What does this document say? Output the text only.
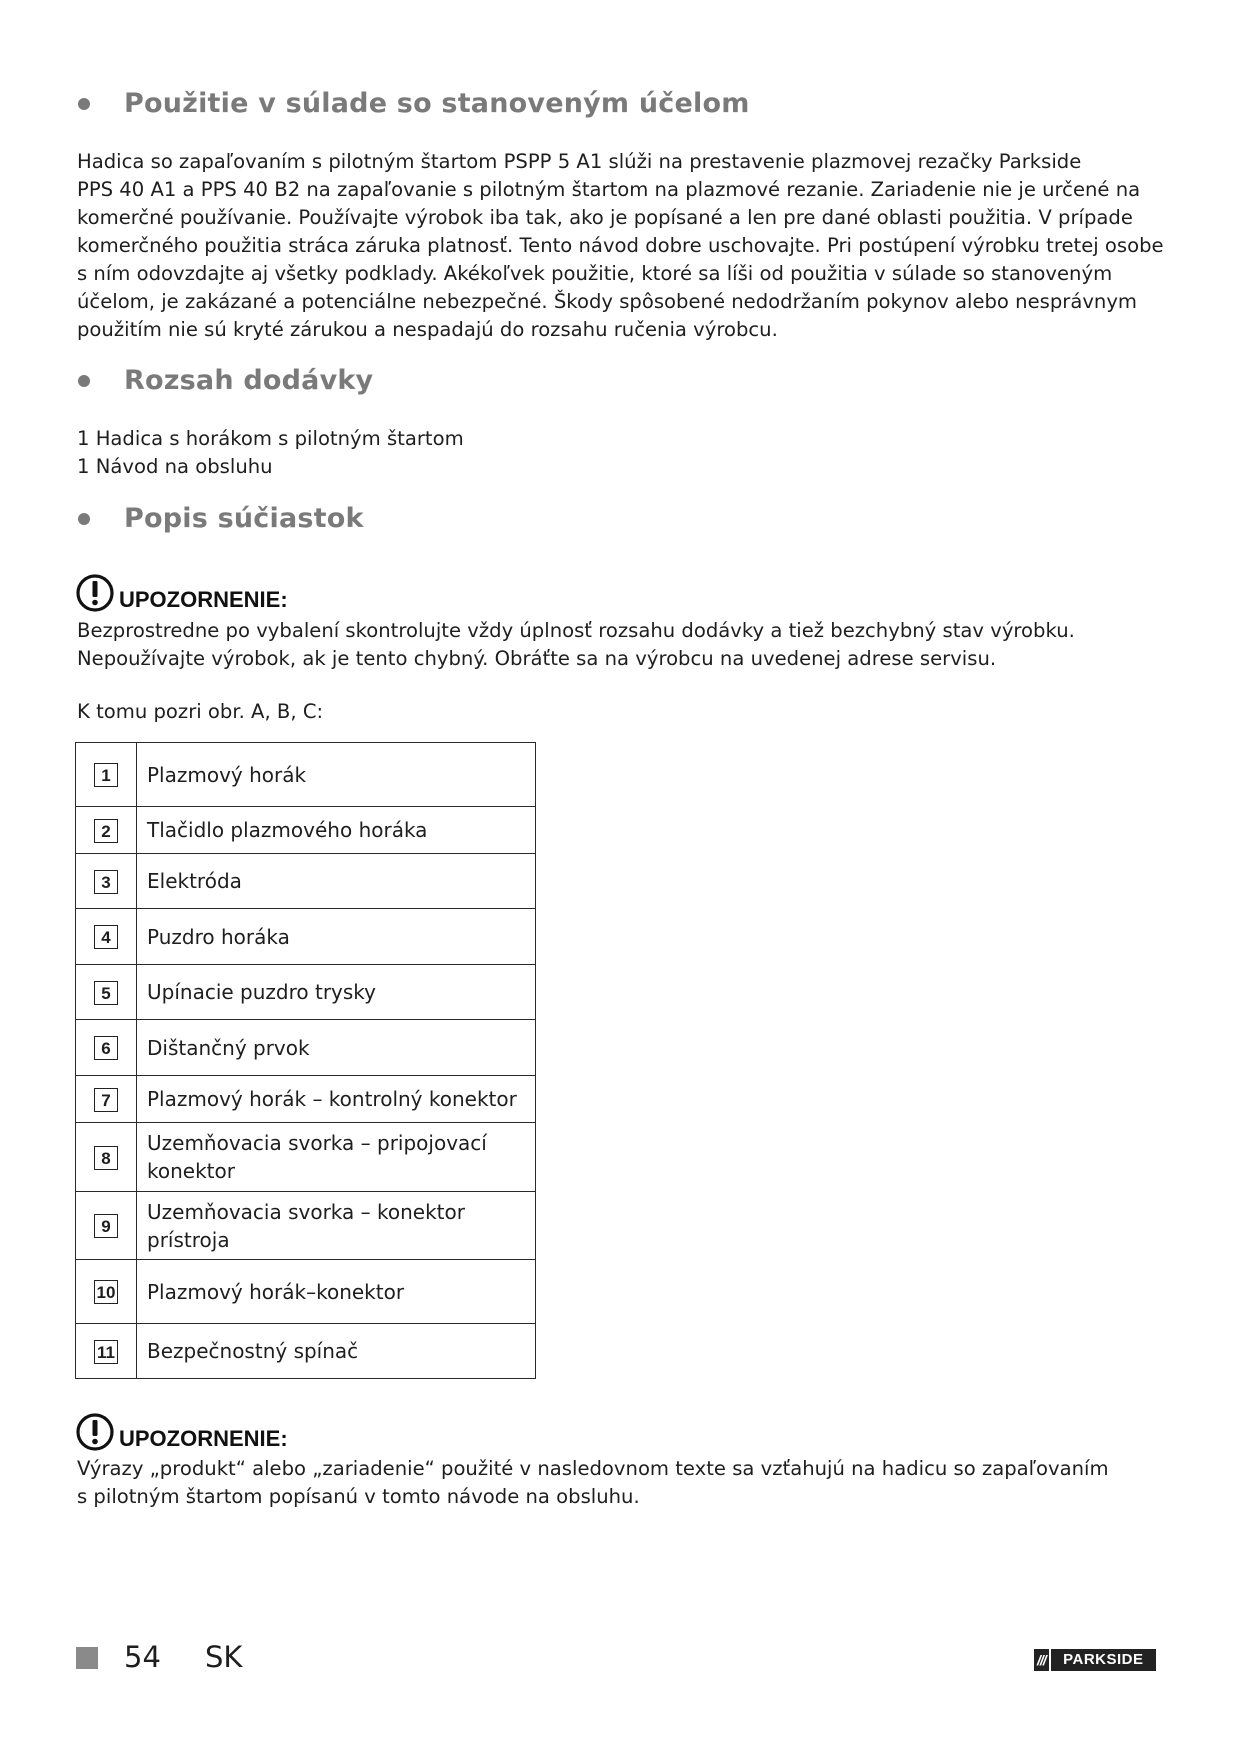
Použitie v súlade so stanoveným účelom

Hadica so zapaľovaním s pilotným štartom PSPP 5 A1 slúži na prestavenie plazmovej rezačky Parkside
PPS 40 A1 a PPS 40 B2 na zapaľovanie s pilotným štartom na plazmové rezanie. Zariadenie nie je určené na
komerčné používanie. Používajte výrobok iba tak, ako je popísané a len pre dané oblasti použitia. V prípade
komerčného použitia stráca záruka platnosť. Tento návod dobre uschovajte. Pri postúpení výrobku tretej osobe
s ním odovzdajte aj všetky podklady. Akékoľvek použitie, ktoré sa líši od použitia v súlade so stanoveným
účelom, je zakázané a potenciálne nebezpečné. Škody spôsobené nedodržaním pokynov alebo nesprávnym
použitím nie sú kryté zárukou a nespadajú do rozsahu ručenia výrobcu.

Rozsah dodávky

1 Hadica s horákom s pilotným štartom
1 Návod na obsluhu

Popis súčiastok
UPOZORNENIE:

Bezprostredne po vybalení skontrolujte vždy úplnosť rozsahu dodávky a tiež bezchybný stav výrobku.
Nepoužívajte výrobok, ak je tento chybný. Obráťte sa na výrobcu na uvedenej adrese servisu.

K tomu pozri obr. A, B, C:

1	Plazmový horák
2	Tlačidlo plazmového horáka
3	Elektróda
4	Puzdro horáka
5	Upínacie puzdro trysky
6	Dištančný prvok
7	Plazmový horák – kontrolný konektor
8	Uzemňovacia svorka – pripojovací konektor
9	Uzemňovacia svorka – konektor prístroja
10	Plazmový horák–konektor
11	Bezpečnostný spínač
UPOZORNENIE:

Výrazy „produkt“ alebo „zariadenie“ použité v nasledovnom texte sa vzťahujú na hadicu so zapaľovaním
s pilotným štartom popísanú v tomto návode na obsluhu.

54 SK	///	PARKSIDE
